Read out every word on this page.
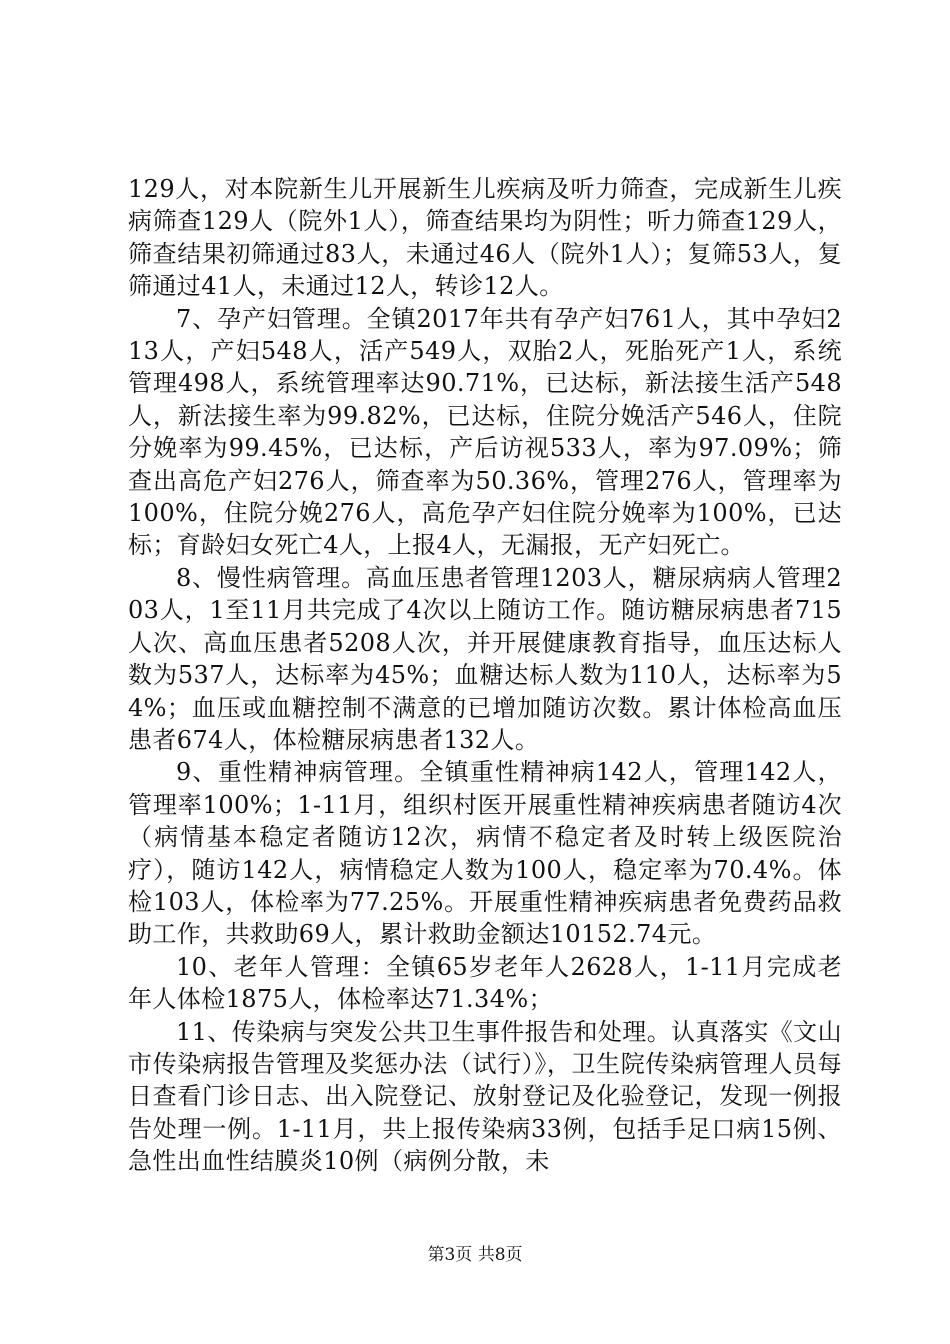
129人，对本院新生儿开展新生儿疾病及听力筛查，完成新生儿疾病筛查129人（院外1人），筛查结果均为阴性；听力筛查129人，筛查结果初筛通过83人，未通过46人（院外1人）；复筛53人，复筛通过41人，未通过12人，转诊12人。

7、孕产妇管理。全镇2017年共有孕产妇761人，其中孕妇213人，产妇548人，活产549人，双胎2人，死胎死产1人，系统管理498人，系统管理率达90.71%，已达标，新法接生活产548人，新法接生率为99.82%，已达标，住院分娩活产546人，住院分娩率为99.45%，已达标，产后访视533人，率为97.09%；筛查出高危产妇276人，筛查率为50.36%，管理276人，管理率为100%，住院分娩276人，高危孕产妇住院分娩率为100%，已达标；育龄妇女死亡4人，上报4人，无漏报，无产妇死亡。

8、慢性病管理。高血压患者管理1203人，糖尿病病人管理203人，1至11月共完成了4次以上随访工作。随访糖尿病患者715人次、高血压患者5208人次，并开展健康教育指导，血压达标人数为537人，达标率为45%；血糖达标人数为110人，达标率为54%；血压或血糖控制不满意的已增加随访次数。累计体检高血压患者674人，体检糖尿病患者132人。

9、重性精神病管理。全镇重性精神病142人，管理142人，管理率100%；1-11月，组织村医开展重性精神疾病患者随访4次（病情基本稳定者随访12次，病情不稳定者及时转上级医院治疗），随访142人，病情稳定人数为100人，稳定率为70.4%。体检103人，体检率为77.25%。开展重性精神疾病患者免费药品救助工作，共救助69人，累计救助金额达10152.74元。

10、老年人管理：全镇65岁老年人2628人，1-11月完成老年人体检1875人，体检率达71.34%；

11、传染病与突发公共卫生事件报告和处理。认真落实《文山市传染病报告管理及奖惩办法（试行）》，卫生院传染病管理人员每日查看门诊日志、出入院登记、放射登记及化验登记，发现一例报告处理一例。1-11月，共上报传染病33例，包括手足口病15例、急性出血性结膜炎10例（病例分散，未

第3页 共8页
